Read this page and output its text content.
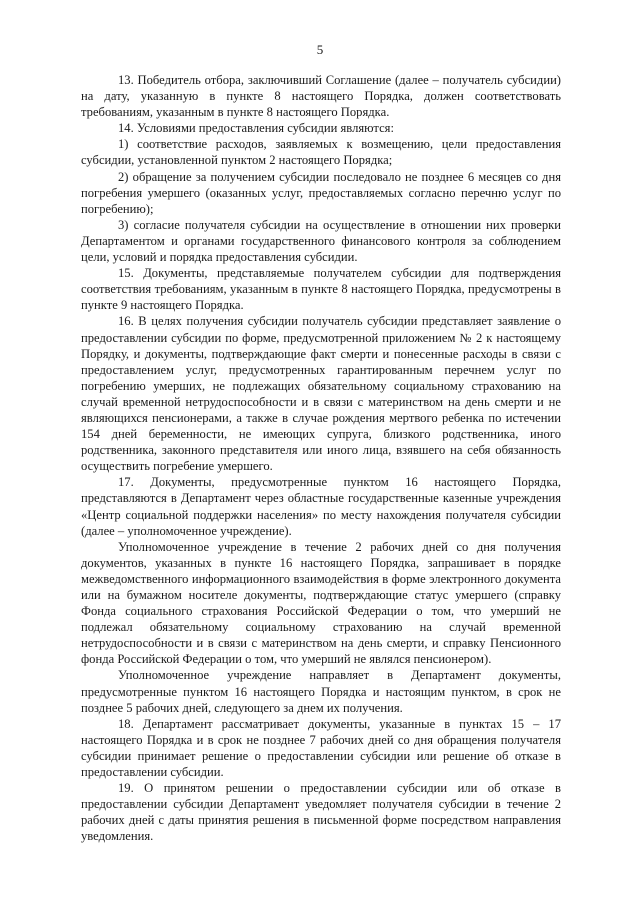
5

13. Победитель отбора, заключивший Соглашение (далее – получатель субсидии) на дату, указанную в пункте 8 настоящего Порядка, должен соответствовать требованиям, указанным в пункте 8 настоящего Порядка.

14. Условиями предоставления субсидии являются:

1) соответствие расходов, заявляемых к возмещению, цели предоставления субсидии, установленной пунктом 2 настоящего Порядка;

2) обращение за получением субсидии последовало не позднее 6 месяцев со дня погребения умершего (оказанных услуг, предоставляемых согласно перечню услуг по погребению);

3) согласие получателя субсидии на осуществление в отношении них проверки Департаментом и органами государственного финансового контроля за соблюдением цели, условий и порядка предоставления субсидии.

15. Документы, представляемые получателем субсидии для подтверждения соответствия требованиям, указанным в пункте 8 настоящего Порядка, предусмотрены в пункте 9 настоящего Порядка.

16. В целях получения субсидии получатель субсидии представляет заявление о предоставлении субсидии по форме, предусмотренной приложением № 2 к настоящему Порядку, и документы, подтверждающие факт смерти и понесенные расходы в связи с предоставлением услуг, предусмотренных гарантированным перечнем услуг по погребению умерших, не подлежащих обязательному социальному страхованию на случай временной нетрудоспособности и в связи с материнством на день смерти и не являющихся пенсионерами, а также в случае рождения мертвого ребенка по истечении 154 дней беременности, не имеющих супруга, близкого родственника, иного родственника, законного представителя или иного лица, взявшего на себя обязанность осуществить погребение умершего.

17. Документы, предусмотренные пунктом 16 настоящего Порядка, представляются в Департамент через областные государственные казенные учреждения «Центр социальной поддержки населения» по месту нахождения получателя субсидии (далее – уполномоченное учреждение).

Уполномоченное учреждение в течение 2 рабочих дней со дня получения документов, указанных в пункте 16 настоящего Порядка, запрашивает в порядке межведомственного информационного взаимодействия в форме электронного документа или на бумажном носителе документы, подтверждающие статус умершего (справку Фонда социального страхования Российской Федерации о том, что умерший не подлежал обязательному социальному страхованию на случай временной нетрудоспособности и в связи с материнством на день смерти, и справку Пенсионного фонда Российской Федерации о том, что умерший не являлся пенсионером).

Уполномоченное учреждение направляет в Департамент документы, предусмотренные пунктом 16 настоящего Порядка и настоящим пунктом, в срок не позднее 5 рабочих дней, следующего за днем их получения.

18. Департамент рассматривает документы, указанные в пунктах 15 – 17 настоящего Порядка и в срок не позднее 7 рабочих дней со дня обращения получателя субсидии принимает решение о предоставлении субсидии или решение об отказе в предоставлении субсидии.

19. О принятом решении о предоставлении субсидии или об отказе в предоставлении субсидии Департамент уведомляет получателя субсидии в течение 2 рабочих дней с даты принятия решения в письменной форме посредством направления уведомления.
